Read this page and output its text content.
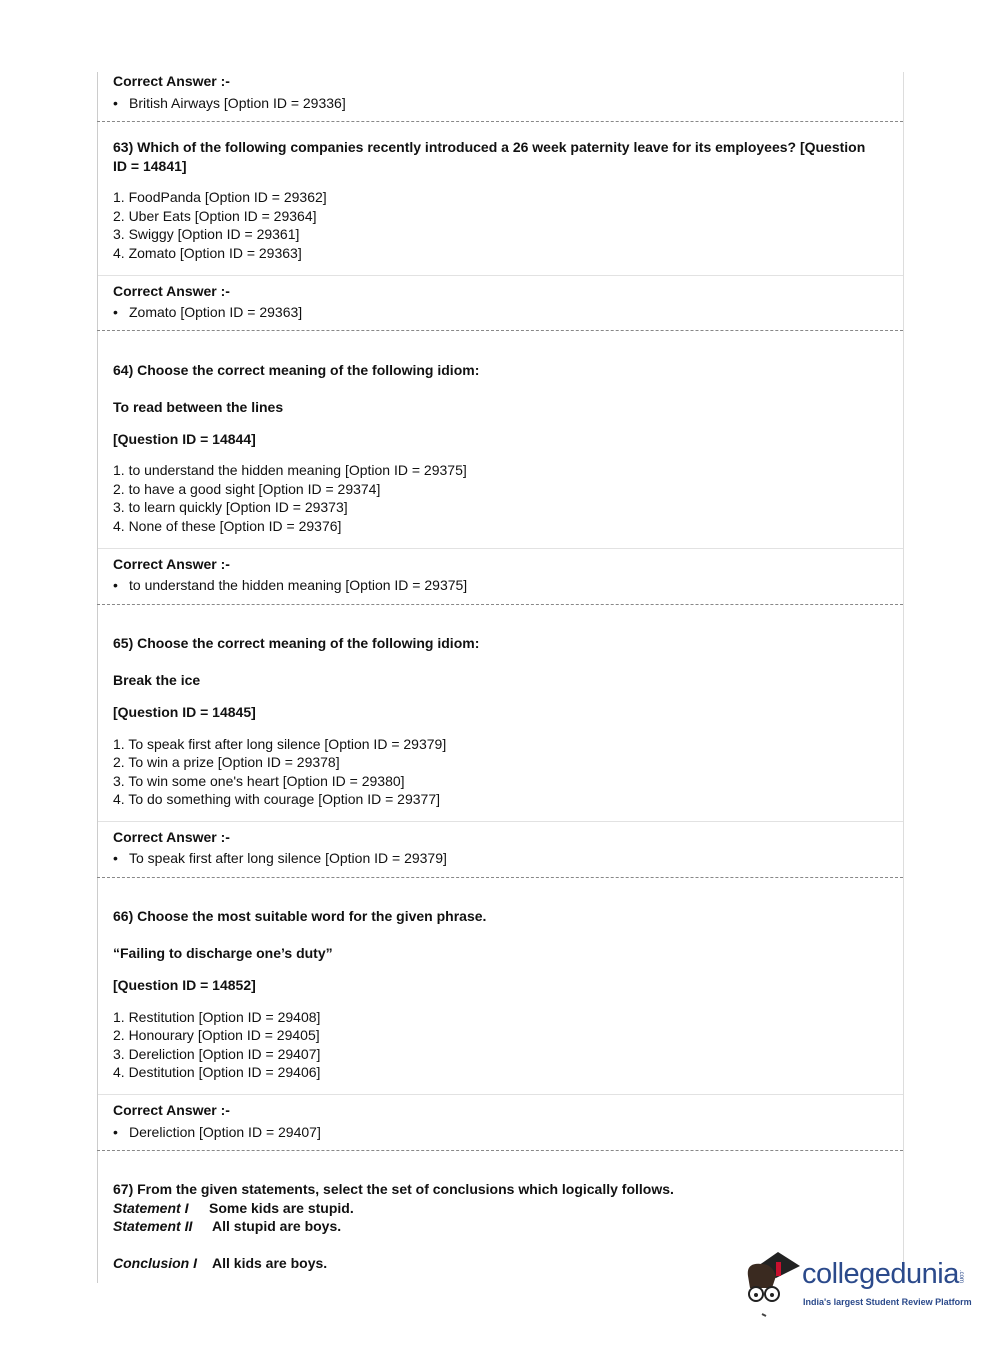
Correct Answer :-
• British Airways [Option ID = 29336]
63) Which of the following companies recently introduced a 26 week paternity leave for its employees? [Question
ID = 14841]
1. FoodPanda [Option ID = 29362]
2. Uber Eats [Option ID = 29364]
3. Swiggy [Option ID = 29361]
4. Zomato [Option ID = 29363]
Correct Answer :-
• Zomato [Option ID = 29363]
64) Choose the correct meaning of the following idiom:
To read between the lines
[Question ID = 14844]
1. to understand the hidden meaning [Option ID = 29375]
2. to have a good sight [Option ID = 29374]
3. to learn quickly [Option ID = 29373]
4. None of these [Option ID = 29376]
Correct Answer :-
• to understand the hidden meaning [Option ID = 29375]
65) Choose the correct meaning of the following idiom:
Break the ice
[Question ID = 14845]
1. To speak first after long silence [Option ID = 29379]
2. To win a prize [Option ID = 29378]
3. To win some one's heart [Option ID = 29380]
4. To do something with courage [Option ID = 29377]
Correct Answer :-
• To speak first after long silence [Option ID = 29379]
66) Choose the most suitable word for the given phrase.
“Failing to discharge one’s duty”
[Question ID = 14852]
1. Restitution [Option ID = 29408]
2. Honourary [Option ID = 29405]
3. Dereliction [Option ID = 29407]
4. Destitution [Option ID = 29406]
Correct Answer :-
• Dereliction [Option ID = 29407]
67) From the given statements, select the set of conclusions which logically follows.
Statement I Some kids are stupid.
Statement II All stupid are boys.
Conclusion I All kids are boys.	collegedunia .com
India's largest Student Review Platform
